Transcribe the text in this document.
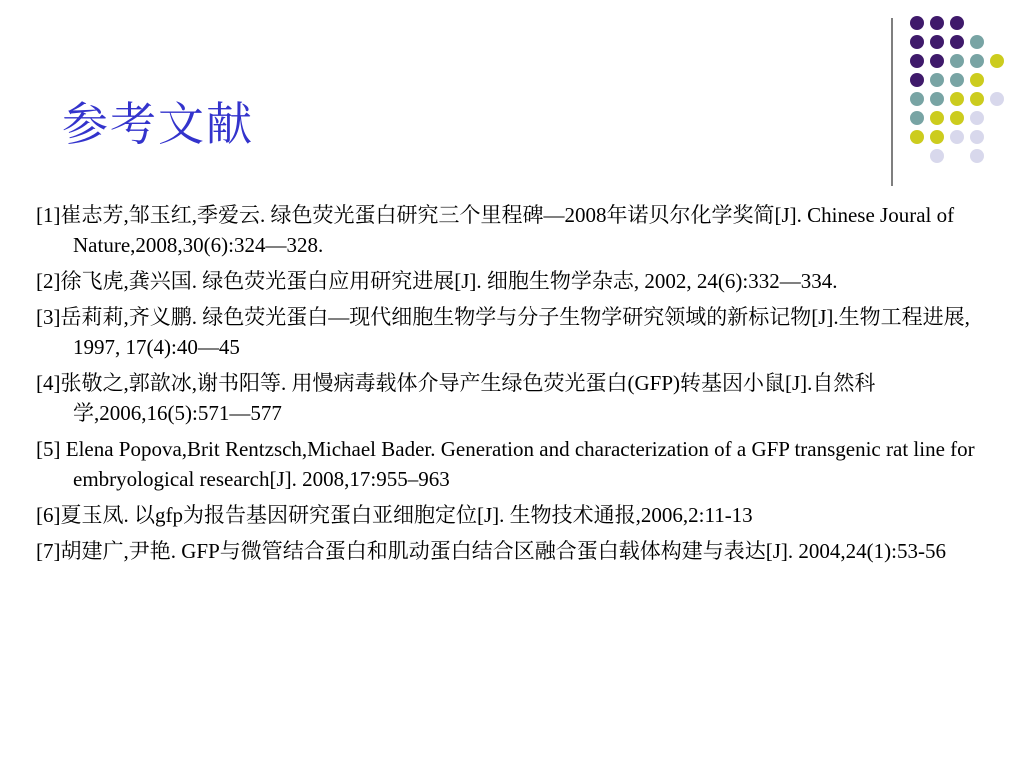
参考文献
[1]崔志芳,邹玉红,季爱云. 绿色荧光蛋白研究三个里程碑—2008年诺贝尔化学奖简[J]. Chinese Joural of Nature,2008,30(6):324—328.
[2]徐飞虎,龚兴国. 绿色荧光蛋白应用研究进展[J]. 细胞生物学杂志, 2002, 24(6):332—334.
[3]岳莉莉,齐义鹏. 绿色荧光蛋白—现代细胞生物学与分子生物学研究领域的新标记物[J].生物工程进展, 1997, 17(4):40—45
[4]张敬之,郭歆冰,谢书阳等. 用慢病毒载体介导产生绿色荧光蛋白(GFP)转基因小鼠[J].自然科学,2006,16(5):571—577
[5] Elena Popova,Brit Rentzsch,Michael Bader. Generation and characterization of a GFP transgenic rat line for embryological research[J]. 2008,17:955–963
[6]夏玉凤. 以gfp为报告基因研究蛋白亚细胞定位[J]. 生物技术通报,2006,2:11-13
[7]胡建广,尹艳. GFP与微管结合蛋白和肌动蛋白结合区融合蛋白载体构建与表达[J]. 2004,24(1):53-56
